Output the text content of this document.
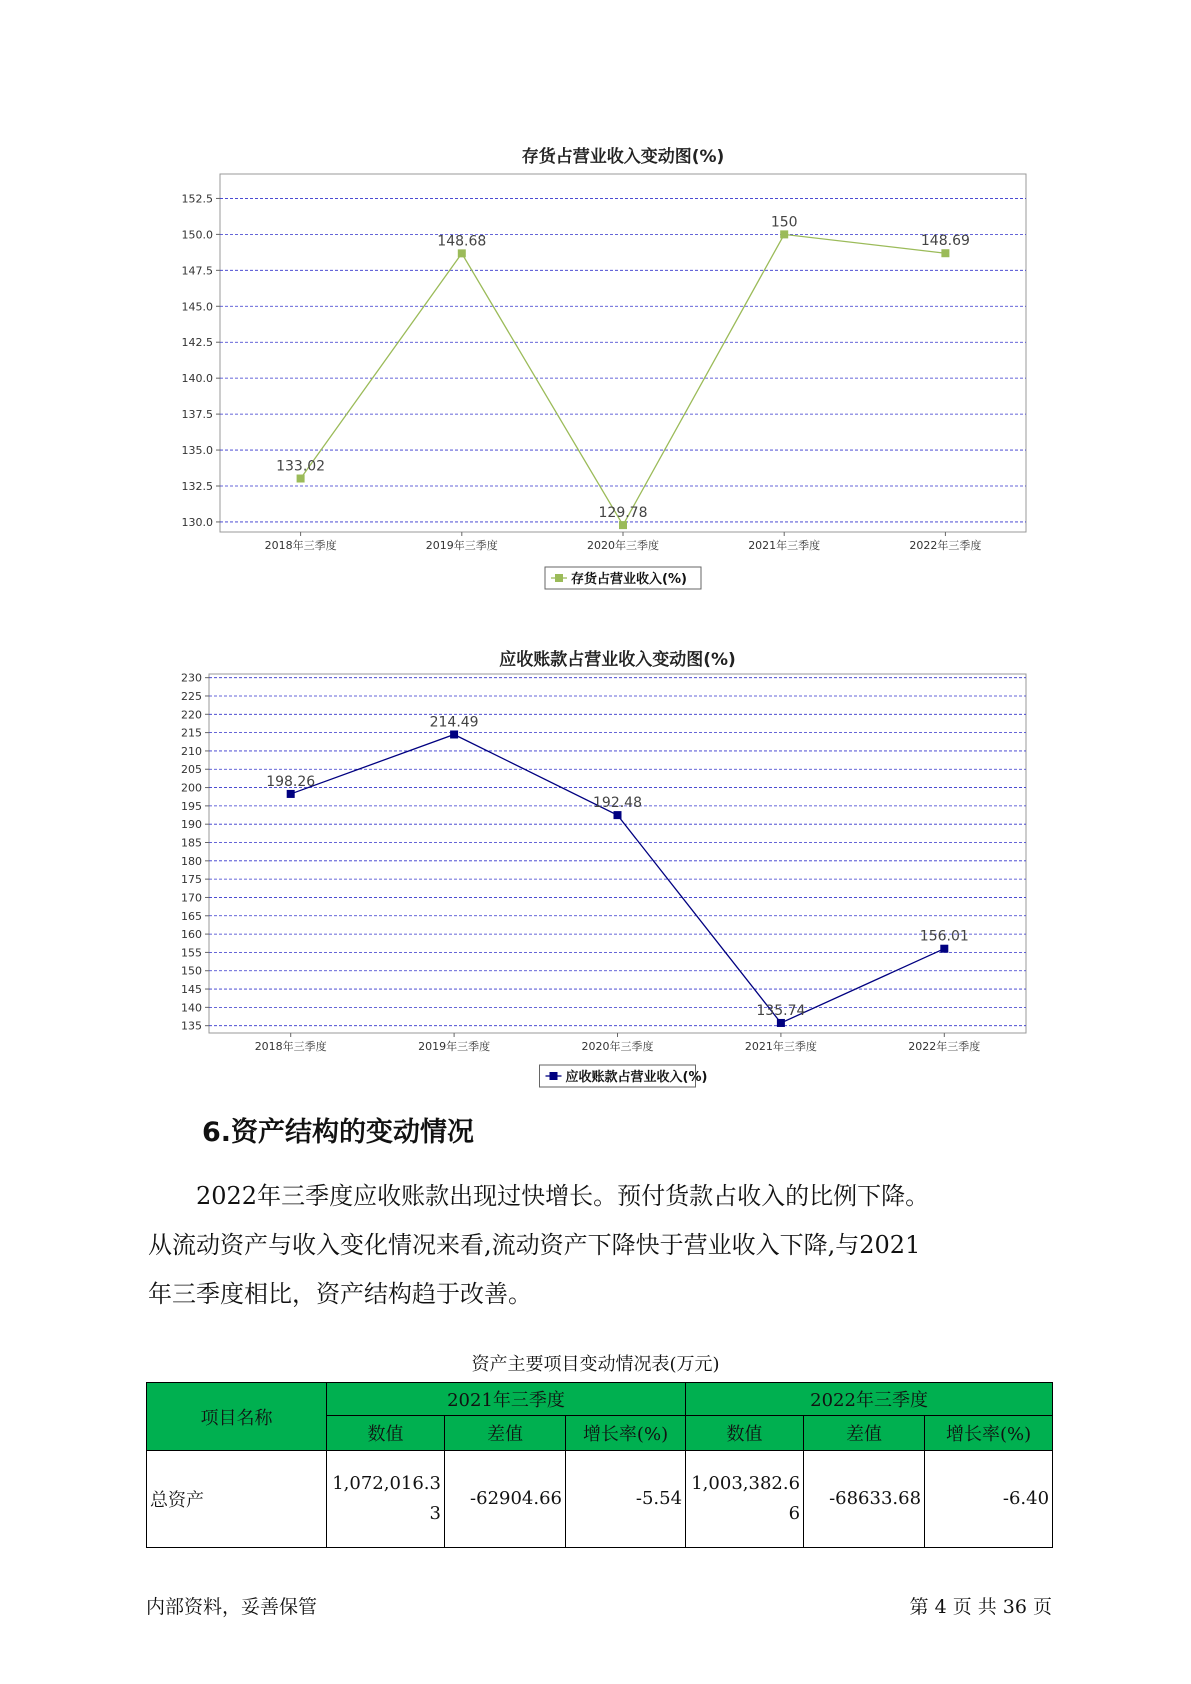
存货占营业收入变动图(%)
130.0
132.5
135.0
137.5
140.0
142.5
145.0
147.5
150.0
152.5
2018年三季度	2019年三季度	2020年三季度	2021年三季度	2022年三季度
133.02
148.68
129.78
150
148.69
存货占营业收入(%)
应收账款占营业收入变动图(%)
135
140
145
150
155
160
165
170
175
180
185
190
195
200
205
210
215
220
225
230
2018年三季度	2019年三季度	2020年三季度	2021年三季度	2022年三季度
198.26
214.49
192.48
135.74
156.01
应收账款占营业收入(%)
6.资产结构的变动情况

2022年三季度应收账款出现过快增长。预付货款占收入的比例下降。

从流动资产与收入变化情况来看,流动资产下降快于营业收入下降,与2021

年三季度相比，资产结构趋于改善。

资产主要项目变动情况表(万元)
项目名称	2021年三季度			2022年三季度		
	数值	差值	增长率(%)	数值	差值	增长率(%)
总资产	1,072,016.33	-62904.66	-5.54	1,003,382.66	-68633.68	-6.40
内部资料，妥善保管	第 4 页 共 36 页
